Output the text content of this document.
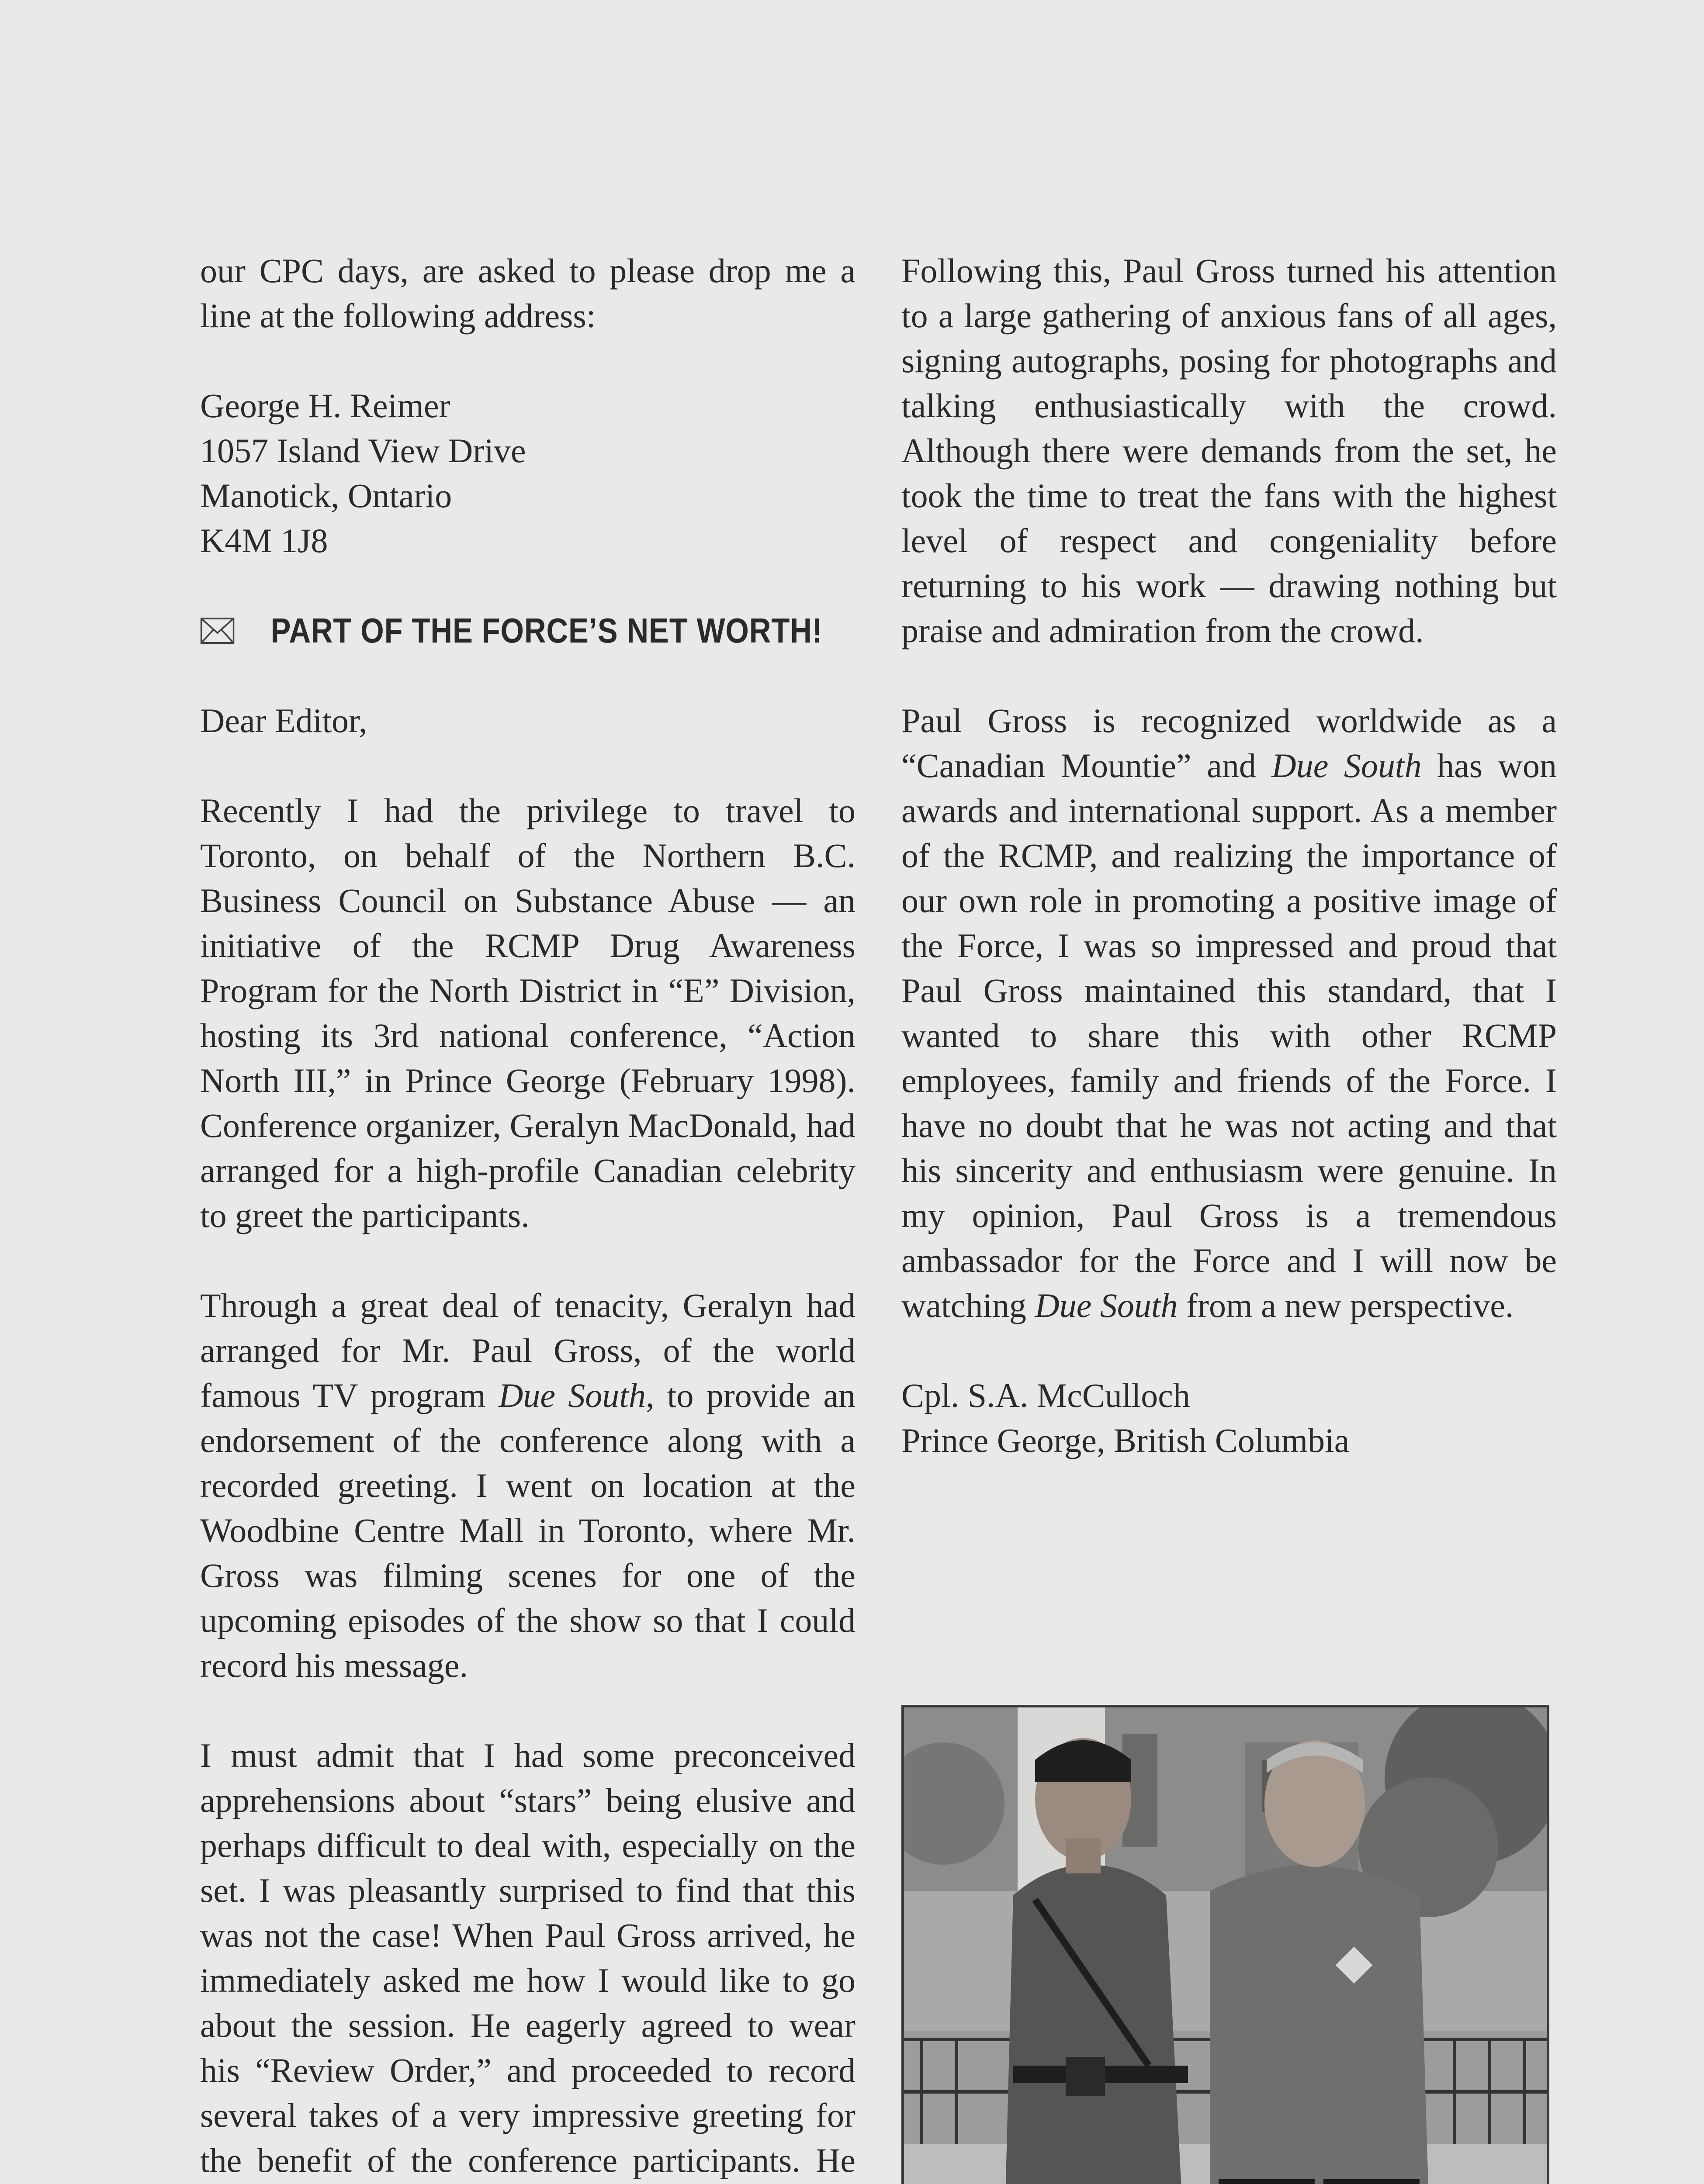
our CPC days, are asked to please drop me a line at the following address:

George H. Reimer
1057 Island View Drive
Manotick, Ontario
K4M 1J8
PART OF THE FORCE’S NET WORTH!

Dear Editor,

Recently I had the privilege to travel to Toronto, on behalf of the Northern B.C. Business Council on Substance Abuse — an initiative of the RCMP Drug Awareness Program for the North District in “E” Division, hosting its 3rd national conference, “Action North III,” in Prince George (February 1998). Conference organizer, Geralyn MacDonald, had arranged for a high-profile Canadian celebrity to greet the participants.

Through a great deal of tenacity, Geralyn had arranged for Mr. Paul Gross, of the world famous TV program Due South, to provide an endorsement of the conference along with a recorded greeting. I went on location at the Woodbine Centre Mall in Toronto, where Mr. Gross was filming scenes for one of the upcoming episodes of the show so that I could record his message.

I must admit that I had some preconceived apprehensions about “stars” being elusive and perhaps difficult to deal with, especially on the set. I was pleasantly surprised to find that this was not the case! When Paul Gross arrived, he immediately asked me how I would like to go about the session. He eagerly agreed to wear his “Review Order,” and proceeded to record several takes of a very impressive greeting for the benefit of the conference participants. He

Following this, Paul Gross turned his attention to a large gathering of anxious fans of all ages, signing autographs, posing for photographs and talking enthusiastically with the crowd. Although there were demands from the set, he took the time to treat the fans with the highest level of respect and congeniality before returning to his work — drawing nothing but praise and admiration from the crowd.

Paul Gross is recognized worldwide as a “Canadian Mountie” and Due South has won awards and international support. As a member of the RCMP, and realizing the importance of our own role in promoting a positive image of the Force, I was so impressed and proud that Paul Gross maintained this standard, that I wanted to share this with other RCMP employees, family and friends of the Force. I have no doubt that he was not acting and that his sincerity and enthusiasm were genuine. In my opinion, Paul Gross is a tremendous ambassador for the Force and I will now be watching Due South from a new perspective.

Cpl. S.A. McCulloch
Prince George, British Columbia
